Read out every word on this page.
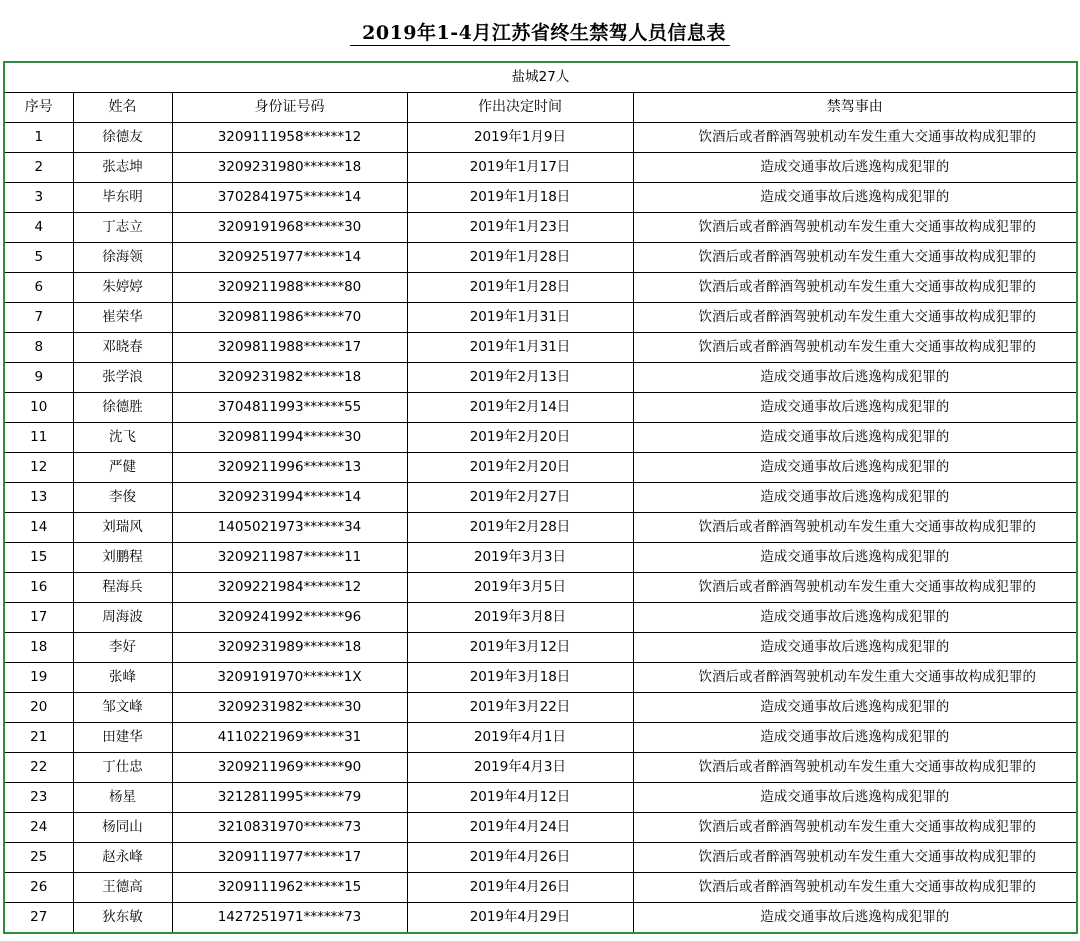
2019年1-4月江苏省终生禁驾人员信息表
盐城27人				
序号	姓名	身份证号码	作出决定时间	禁驾事由
1	徐德友	3209111958******12	2019年1月9日	饮酒后或者醉酒驾驶机动车发生重大交通事故构成犯罪的
2	张志坤	3209231980******18	2019年1月17日	造成交通事故后逃逸构成犯罪的
3	毕东明	3702841975******14	2019年1月18日	造成交通事故后逃逸构成犯罪的
4	丁志立	3209191968******30	2019年1月23日	饮酒后或者醉酒驾驶机动车发生重大交通事故构成犯罪的
5	徐海领	3209251977******14	2019年1月28日	饮酒后或者醉酒驾驶机动车发生重大交通事故构成犯罪的
6	朱婷婷	3209211988******80	2019年1月28日	饮酒后或者醉酒驾驶机动车发生重大交通事故构成犯罪的
7	崔荣华	3209811986******70	2019年1月31日	饮酒后或者醉酒驾驶机动车发生重大交通事故构成犯罪的
8	邓晓春	3209811988******17	2019年1月31日	饮酒后或者醉酒驾驶机动车发生重大交通事故构成犯罪的
9	张学浪	3209231982******18	2019年2月13日	造成交通事故后逃逸构成犯罪的
10	徐德胜	3704811993******55	2019年2月14日	造成交通事故后逃逸构成犯罪的
11	沈飞	3209811994******30	2019年2月20日	造成交通事故后逃逸构成犯罪的
12	严健	3209211996******13	2019年2月20日	造成交通事故后逃逸构成犯罪的
13	李俊	3209231994******14	2019年2月27日	造成交通事故后逃逸构成犯罪的
14	刘瑞风	1405021973******34	2019年2月28日	饮酒后或者醉酒驾驶机动车发生重大交通事故构成犯罪的
15	刘鹏程	3209211987******11	2019年3月3日	造成交通事故后逃逸构成犯罪的
16	程海兵	3209221984******12	2019年3月5日	饮酒后或者醉酒驾驶机动车发生重大交通事故构成犯罪的
17	周海波	3209241992******96	2019年3月8日	造成交通事故后逃逸构成犯罪的
18	李好	3209231989******18	2019年3月12日	造成交通事故后逃逸构成犯罪的
19	张峰	3209191970******1X	2019年3月18日	饮酒后或者醉酒驾驶机动车发生重大交通事故构成犯罪的
20	邹文峰	3209231982******30	2019年3月22日	造成交通事故后逃逸构成犯罪的
21	田建华	4110221969******31	2019年4月1日	造成交通事故后逃逸构成犯罪的
22	丁仕忠	3209211969******90	2019年4月3日	饮酒后或者醉酒驾驶机动车发生重大交通事故构成犯罪的
23	杨星	3212811995******79	2019年4月12日	造成交通事故后逃逸构成犯罪的
24	杨同山	3210831970******73	2019年4月24日	饮酒后或者醉酒驾驶机动车发生重大交通事故构成犯罪的
25	赵永峰	3209111977******17	2019年4月26日	饮酒后或者醉酒驾驶机动车发生重大交通事故构成犯罪的
26	王德高	3209111962******15	2019年4月26日	饮酒后或者醉酒驾驶机动车发生重大交通事故构成犯罪的
27	狄东敏	1427251971******73	2019年4月29日	造成交通事故后逃逸构成犯罪的
